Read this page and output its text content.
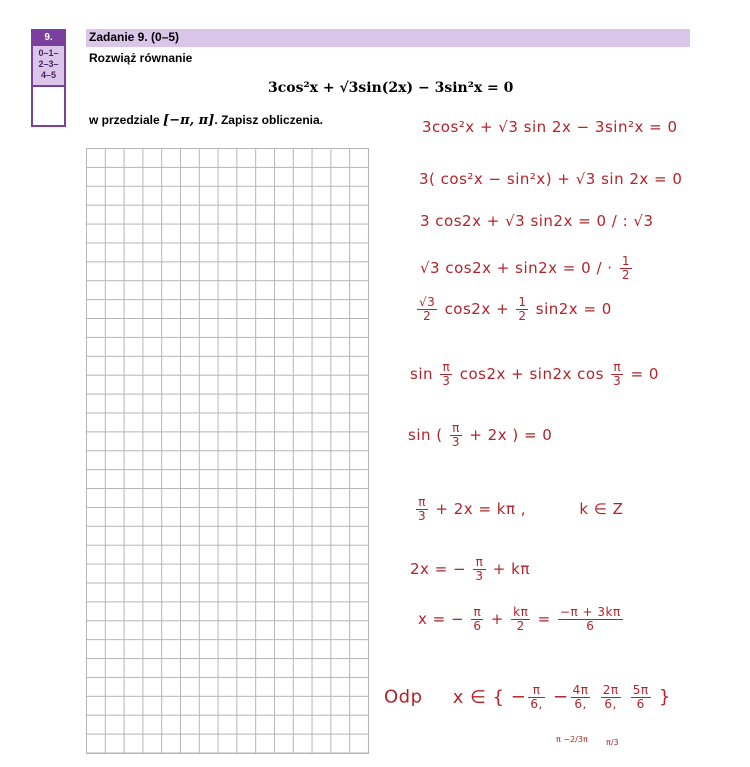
9.
0–1–
2–3–
4–5
Zadanie 9. (0–5)
Rozwiąż równanie
3cos²x + √3sin(2x) − 3sin²x = 0
w przedziale [−π, π]. Zapisz obliczenia.	3cos²x + √3 sin 2x − 3sin²x = 0
3( cos²x − sin²x) + √3 sin 2x = 0
3 cos2x + √3 sin2x = 0 / : √3
√3 cos2x + sin2x = 0 / · $\frac{1}{2}$
$\frac{√3}{2} \cos 2x + \frac{1}{2} \sin 2x = 0$
$\sin \frac{\pi}{3} \cos 2x + \sin 2x$ $\cos \frac{\pi}{3} = 0$
sin ( $\frac{\pi}{3} + 2x$ ) = 0
$\frac{\pi}{3} + 2x = k\pi$ ,	k ∈ Z
2x = − $\frac{\pi}{3} + k\pi$
x = − $\frac{\pi}{6} + \frac{k\pi}{2} = \frac{-\pi + 3k\pi}{6}$
Odp x ∈ { − $\frac{\pi}{6,} - \frac{4\pi}{6,}$
$\frac{2\pi}{6,}$
$\frac{5\pi}{6}$ }
π −2/3π π/3
